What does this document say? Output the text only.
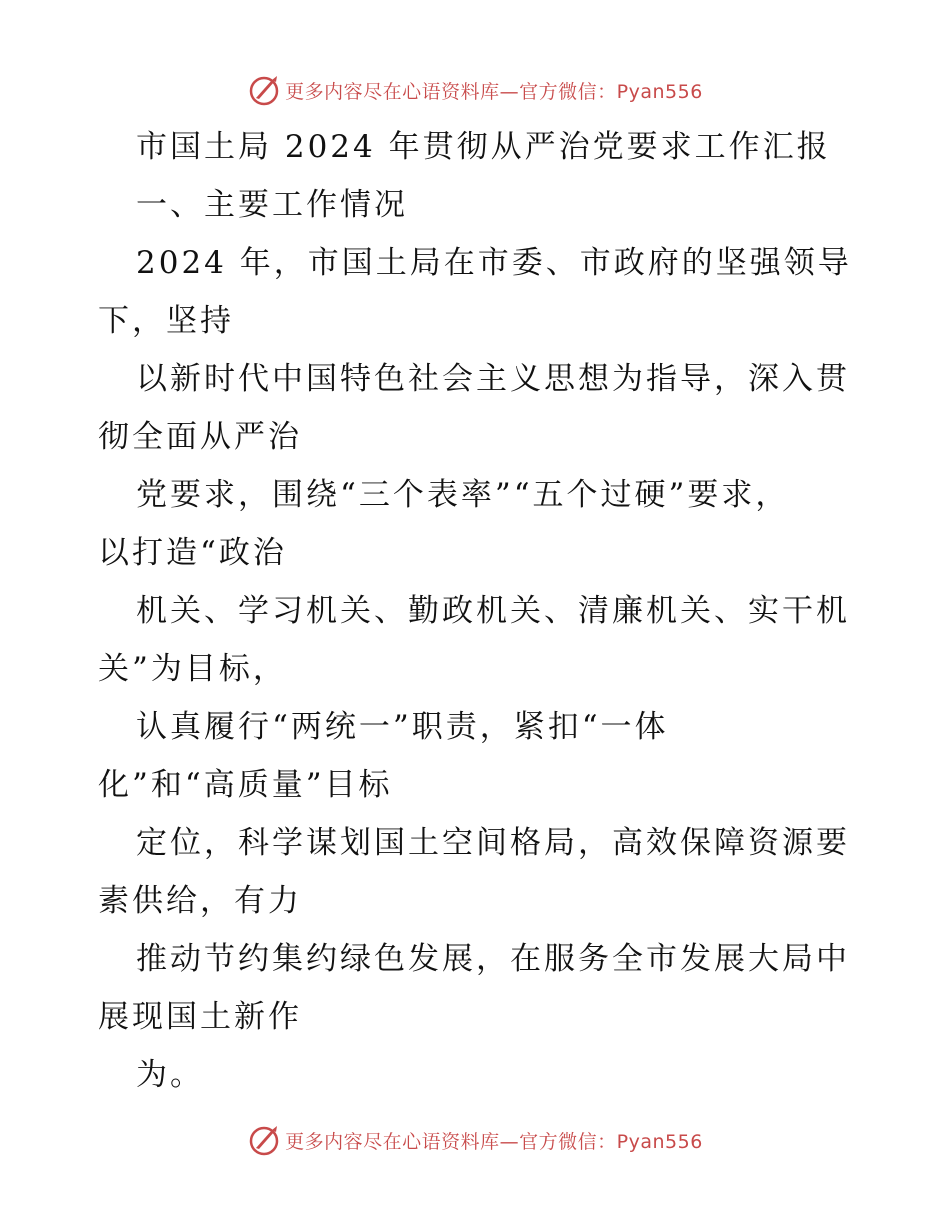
更多内容尽在心语资料库—官方微信：Pyan556
市国土局 2024 年贯彻从严治党要求工作汇报
一、主要工作情况
2024 年，市国土局在市委、市政府的坚强领导
下，坚持
以新时代中国特色社会主义思想为指导，深入贯
彻全面从严治
党要求，围绕“三个表率”“五个过硬”要求，
以打造“政治
机关、学习机关、勤政机关、清廉机关、实干机
关”为目标，
认真履行“两统一”职责，紧扣“一体
化”和“高质量”目标
定位，科学谋划国土空间格局，高效保障资源要
素供给，有力
推动节约集约绿色发展，在服务全市发展大局中
展现国土新作
为。
更多内容尽在心语资料库—官方微信：Pyan556
